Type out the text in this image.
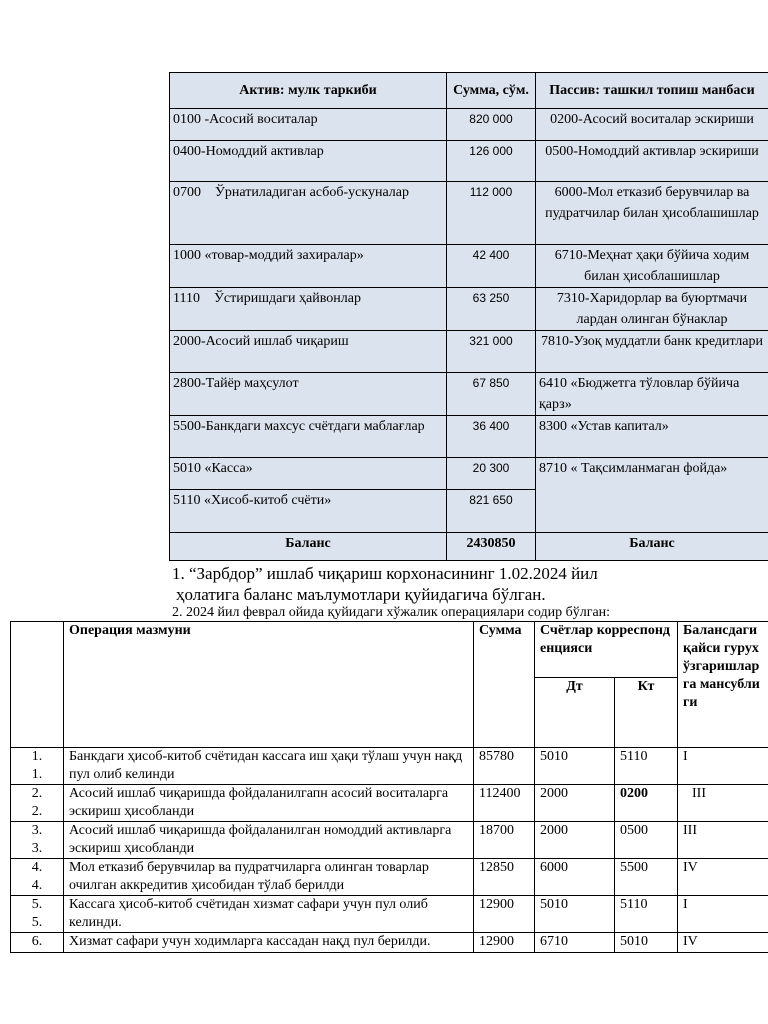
Актив: мулк таркиби	Сумма, сўм.	Пассив: ташкил топиш манбаси
0100 -Асосий воситалар	820 000	0200-Асосий воситалар эскириши
0400-Номоддий активлар	126 000	0500-Номоддий активлар эскириши
0700    Ўрнатиладиган асбоб-ускуналар	112 000	6000-Мол етказиб берувчилар ва пудратчилар билан ҳисоблашишлар
1000 «товар-моддий захиралар»	42 400	6710-Меҳнат ҳақи бўйича ходим билан ҳисоблашишлар
1110    Ўстиришдаги ҳайвонлар	63 250	7310-Харидорлар ва буюртмачи лардан олинган бўнаклар
2000-Асосий ишлаб чиқариш	321 000	7810-Узоқ муддатли банк кредитлари
2800-Тайёр маҳсулот	67 850	6410 «Бюджетга тўловлар бўйича қарз»
5500-Банкдаги махсус счётдаги маблағлар	36 400	8300 «Устав капитал»
5010 «Касса»	20 300	8710 « Тақсимланмаган фойда»
5110 «Хисоб-китоб счёти»	821 650	
Баланс	2430850	Баланс
1. “Зарбдор” ишлаб чиқариш корхонасининг 1.02.2024 йил
ҳолатига баланс маълумотлари қуйидагича бўлган.
2. 2024 йил феврал ойида қуйидаги хўжалик операциялари содир бўлган:
	Операция мазмуни	Сумма	Счётлар корреспонденцияси		Балансдаги қайси гурух ўзгаришларга мансублиги
			Дт	Кт	

1.
1.	Банкдаги ҳисоб-китоб счётидан кассага иш ҳақи тўлаш учун нақд пул олиб келинди	85780	5010	5110	I

2.
2.	Асосий ишлаб чиқаришда фойдаланилгапн асосий воситаларга эскириш ҳисобланди	112400	2000	0200	III

3.
3.	Асосий ишлаб чиқаришда фойдаланилган номоддий активларга эскириш ҳисобланди	18700	2000	0500	III

4.
4.	Мол етказиб берувчилар ва пудратчиларга олинган товарлар очилган аккредитив ҳисобидан тўлаб берилди	12850	6000	5500	IV

5.
5.	Кассага ҳисоб-китоб счётидан хизмат сафари учун пул олиб келинди.	12900	5010	5110	I

6.	Хизмат сафари учун ходимларга кассадан нақд пул берилди.	12900	6710	5010	IV
